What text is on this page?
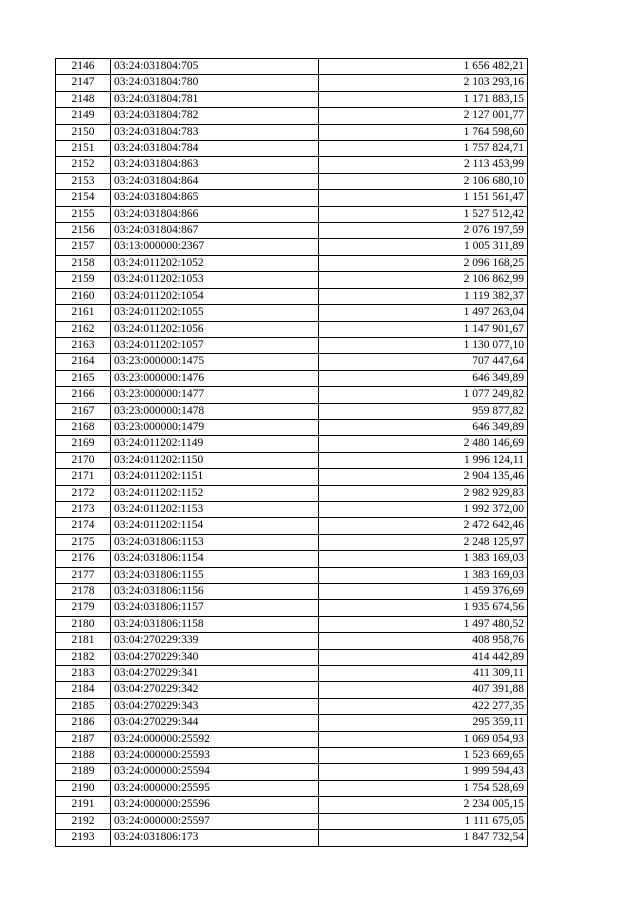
2146	03:24:031804:705	1 656 482,21
2147	03:24:031804:780	2 103 293,16
2148	03:24:031804:781	1 171 883,15
2149	03:24:031804:782	2 127 001,77
2150	03:24:031804:783	1 764 598,60
2151	03:24:031804:784	1 757 824,71
2152	03:24:031804:863	2 113 453,99
2153	03:24:031804:864	2 106 680,10
2154	03:24:031804:865	1 151 561,47
2155	03:24:031804:866	1 527 512,42
2156	03:24:031804:867	2 076 197,59
2157	03:13:000000:2367	1 005 311,89
2158	03:24:011202:1052	2 096 168,25
2159	03:24:011202:1053	2 106 862,99
2160	03:24:011202:1054	1 119 382,37
2161	03:24:011202:1055	1 497 263,04
2162	03:24:011202:1056	1 147 901,67
2163	03:24:011202:1057	1 130 077,10
2164	03:23:000000:1475	707 447,64
2165	03:23:000000:1476	646 349,89
2166	03:23:000000:1477	1 077 249,82
2167	03:23:000000:1478	959 877,82
2168	03:23:000000:1479	646 349,89
2169	03:24:011202:1149	2 480 146,69
2170	03:24:011202:1150	1 996 124,11
2171	03:24:011202:1151	2 904 135,46
2172	03:24:011202:1152	2 982 929,83
2173	03:24:011202:1153	1 992 372,00
2174	03:24:011202:1154	2 472 642,46
2175	03:24:031806:1153	2 248 125,97
2176	03:24:031806:1154	1 383 169,03
2177	03:24:031806:1155	1 383 169,03
2178	03:24:031806:1156	1 459 376,69
2179	03:24:031806:1157	1 935 674,56
2180	03:24:031806:1158	1 497 480,52
2181	03:04:270229:339	408 958,76
2182	03:04:270229:340	414 442,89
2183	03:04:270229:341	411 309,11
2184	03:04:270229:342	407 391,88
2185	03:04:270229:343	422 277,35
2186	03:04:270229:344	295 359,11
2187	03:24:000000:25592	1 069 054,93
2188	03:24:000000:25593	1 523 669,65
2189	03:24:000000:25594	1 999 594,43
2190	03:24:000000:25595	1 754 528,69
2191	03:24:000000:25596	2 234 005,15
2192	03:24:000000:25597	1 111 675,05
2193	03:24:031806:173	1 847 732,54
